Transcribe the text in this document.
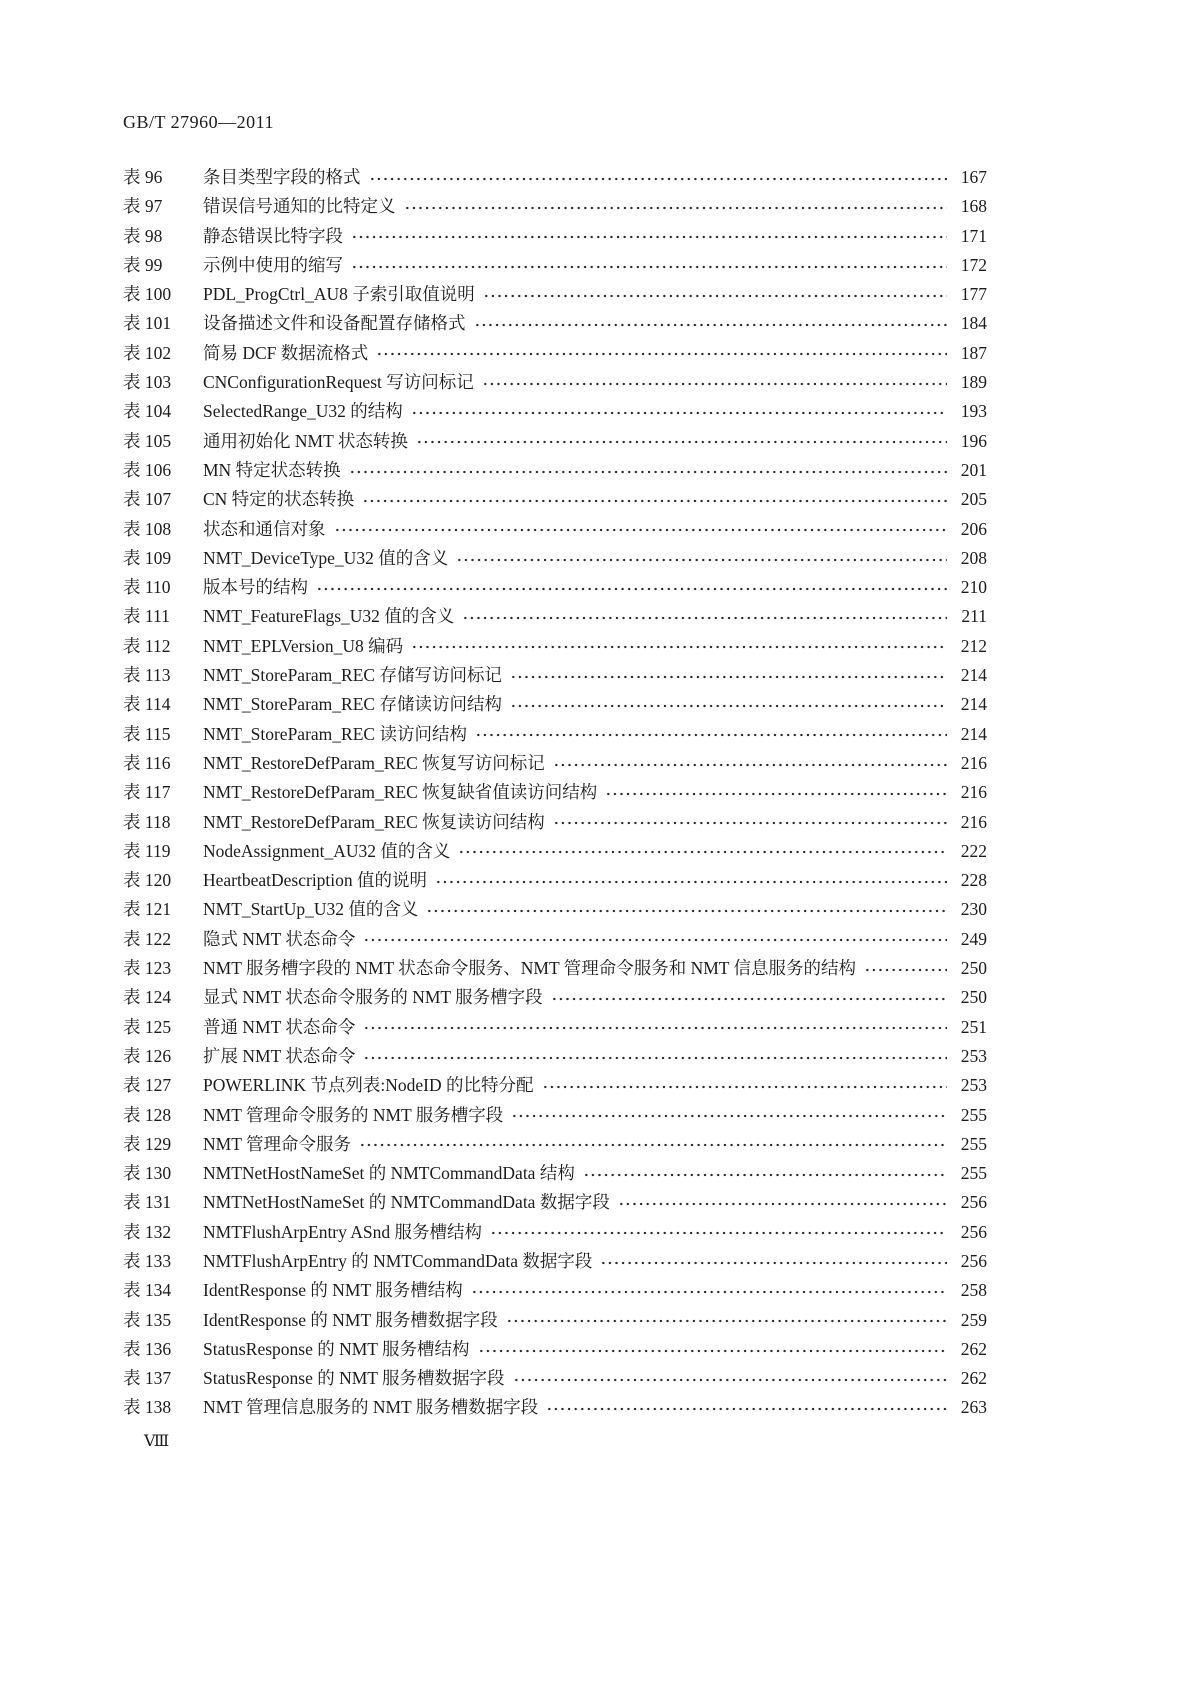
GB/T 27960—2011
表 96	条目类型字段的格式	167
表 97	错误信号通知的比特定义	168
表 98	静态错误比特字段	171
表 99	示例中使用的缩写	172
表 100	PDL_ProgCtrl_AU8 子索引取值说明	177
表 101	设备描述文件和设备配置存储格式	184
表 102	简易 DCF 数据流格式	187
表 103	CNConfigurationRequest 写访问标记	189
表 104	SelectedRange_U32 的结构	193
表 105	通用初始化 NMT 状态转换	196
表 106	MN 特定状态转换	201
表 107	CN 特定的状态转换	205
表 108	状态和通信对象	206
表 109	NMT_DeviceType_U32 值的含义	208
表 110	版本号的结构	210
表 111	NMT_FeatureFlags_U32 值的含义	211
表 112	NMT_EPLVersion_U8 编码	212
表 113	NMT_StoreParam_REC 存储写访问标记	214
表 114	NMT_StoreParam_REC 存储读访问结构	214
表 115	NMT_StoreParam_REC 读访问结构	214
表 116	NMT_RestoreDefParam_REC 恢复写访问标记	216
表 117	NMT_RestoreDefParam_REC 恢复缺省值读访问结构	216
表 118	NMT_RestoreDefParam_REC 恢复读访问结构	216
表 119	NodeAssignment_AU32 值的含义	222
表 120	HeartbeatDescription 值的说明	228
表 121	NMT_StartUp_U32 值的含义	230
表 122	隐式 NMT 状态命令	249
表 123	NMT 服务槽字段的 NMT 状态命令服务、NMT 管理命令服务和 NMT 信息服务的结构	250
表 124	显式 NMT 状态命令服务的 NMT 服务槽字段	250
表 125	普通 NMT 状态命令	251
表 126	扩展 NMT 状态命令	253
表 127	POWERLINK 节点列表:NodeID 的比特分配	253
表 128	NMT 管理命令服务的 NMT 服务槽字段	255
表 129	NMT 管理命令服务	255
表 130	NMTNetHostNameSet 的 NMTCommandData 结构	255
表 131	NMTNetHostNameSet 的 NMTCommandData 数据字段	256
表 132	NMTFlushArpEntry ASnd 服务槽结构	256
表 133	NMTFlushArpEntry 的 NMTCommandData 数据字段	256
表 134	IdentResponse 的 NMT 服务槽结构	258
表 135	IdentResponse 的 NMT 服务槽数据字段	259
表 136	StatusResponse 的 NMT 服务槽结构	262
表 137	StatusResponse 的 NMT 服务槽数据字段	262
表 138	NMT 管理信息服务的 NMT 服务槽数据字段	263
Ⅷ
